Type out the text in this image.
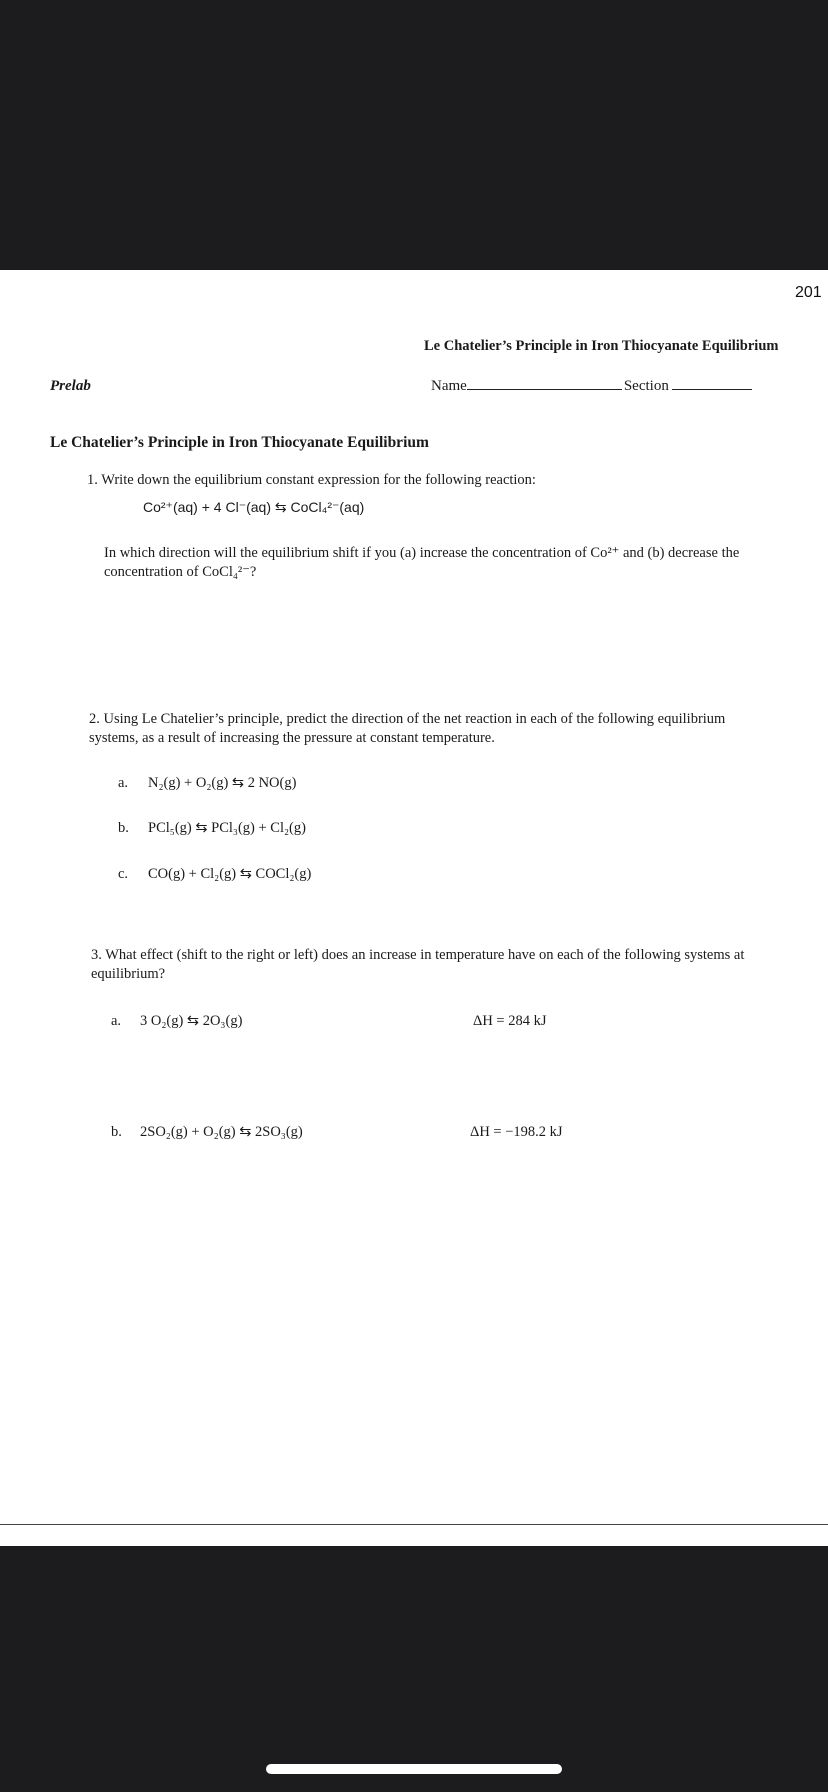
201
Le Chatelier’s Principle in Iron Thiocyanate Equilibrium
Prelab	Name	Section
Le Chatelier’s Principle in Iron Thiocyanate Equilibrium
1. Write down the equilibrium constant expression for the following reaction:
Co²⁺(aq) + 4 Cl⁻(aq) ⇆ CoCl₄²⁻(aq)
In which direction will the equilibrium shift if you (a) increase the concentration of Co²⁺ and (b) decrease the concentration of CoCl₄²⁻?
2. Using Le Chatelier’s principle, predict the direction of the net reaction in each of the following equilibrium systems, as a result of increasing the pressure at constant temperature.
a. N₂(g) + O₂(g) ⇆ 2 NO(g)
b. PCl₅(g) ⇆ PCl₃(g) + Cl₂(g)
c. CO(g) + Cl₂(g) ⇆ COCl₂(g)
3. What effect (shift to the right or left) does an increase in temperature have on each of the following systems at equilibrium?
a. 3 O₂(g) ⇆ 2O₃(g)	ΔH = 284 kJ
b. 2SO₂(g) + O₂(g) ⇆ 2SO₃(g)	ΔH = −198.2 kJ
